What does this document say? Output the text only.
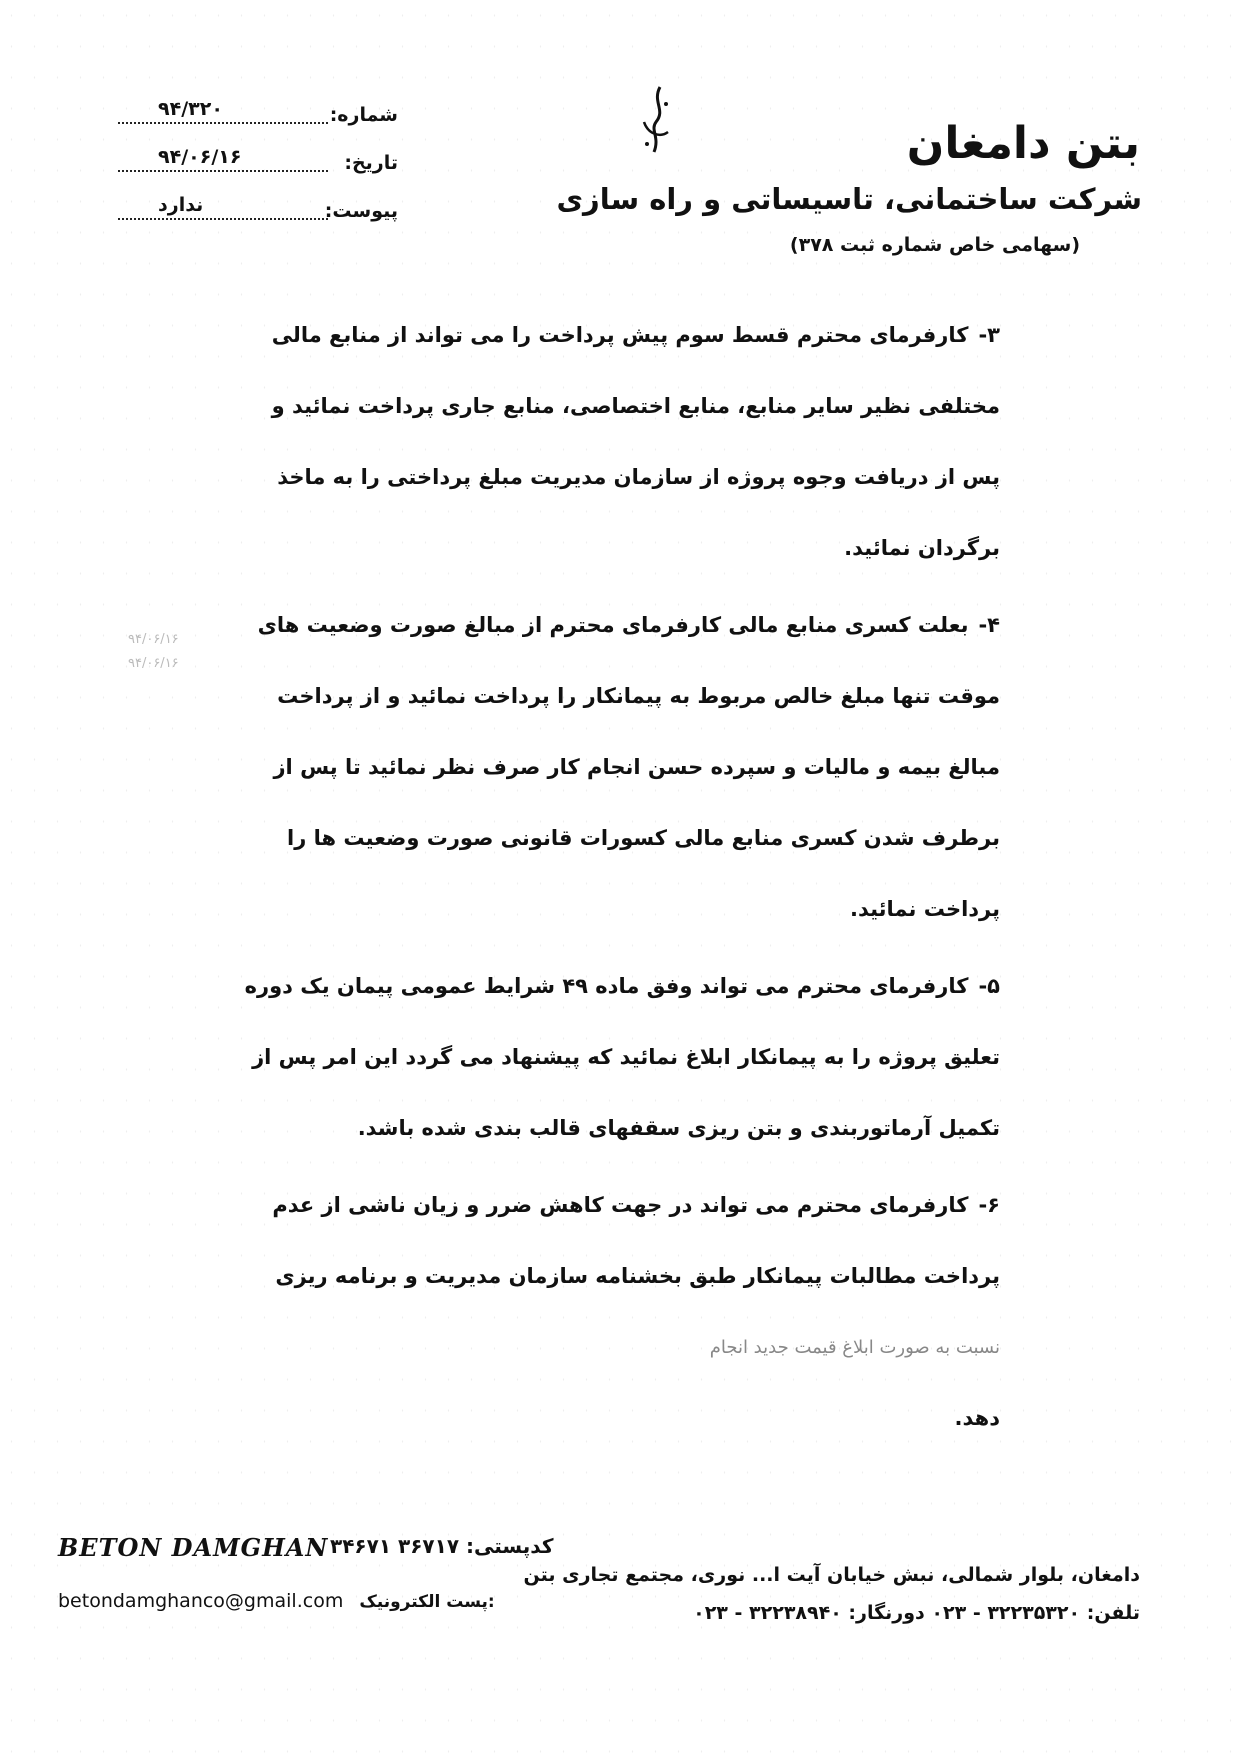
بتن دامغان
شرکت ساختمانی، تاسیساتی و راه سازی
(سهامی خاص شماره ثبت ۳۷۸)
شماره:
۹۴/۳۲۰
تاریخ:
۹۴/۰۶/۱۶
پیوست:
ندارد
۹۴/۰۶/۱۶
۹۴/۰۶/۱۶

۳-کارفرمای محترم قسط سوم پیش پرداخت را می تواند از منابع مالی

مختلفی نظیر سایر منابع، منابع اختصاصی، منابع جاری پرداخت نمائید و

پس از دریافت وجوه پروژه از سازمان مدیریت مبلغ پرداختی را به ماخذ

برگردان نمائید.

۴-بعلت کسری منابع مالی کارفرمای محترم از مبالغ صورت وضعیت های

موقت تنها مبلغ خالص مربوط به پیمانکار را پرداخت نمائید و از پرداخت

مبالغ بیمه و مالیات و سپرده حسن انجام کار صرف نظر نمائید تا پس از

برطرف شدن کسری منابع مالی کسورات قانونی صورت وضعیت ها را

پرداخت نمائید.

۵-کارفرمای محترم می تواند وفق ماده ۴۹ شرایط عمومی پیمان یک دوره

تعلیق پروژه را به پیمانکار ابلاغ نمائید که پیشنهاد می گردد این امر پس از

تکمیل آرماتوربندی و بتن ریزی سقفهای قالب بندی شده باشد.

۶-کارفرمای محترم می تواند در جهت کاهش ضرر و زیان ناشی از عدم

پرداخت مطالبات پیمانکار طبق بخشنامه سازمان مدیریت و برنامه ریزی

نسبت به صورت ابلاغ قیمت جدید انجام

دهد.

BETON DAMGHAN	کدپستی: ۳۶۷۱۷ ۳۴۶۷۱
دامغان، بلوار شمالی، نبش خیابان آیت ا... نوری، مجتمع تجاری بتن
betondamghanco@gmail.com پست الکترونیک:	تلفن: ۳۲۲۳۵۳۲۰ - ۰۲۳ دورنگار: ۳۲۲۳۸۹۴۰ - ۰۲۳
